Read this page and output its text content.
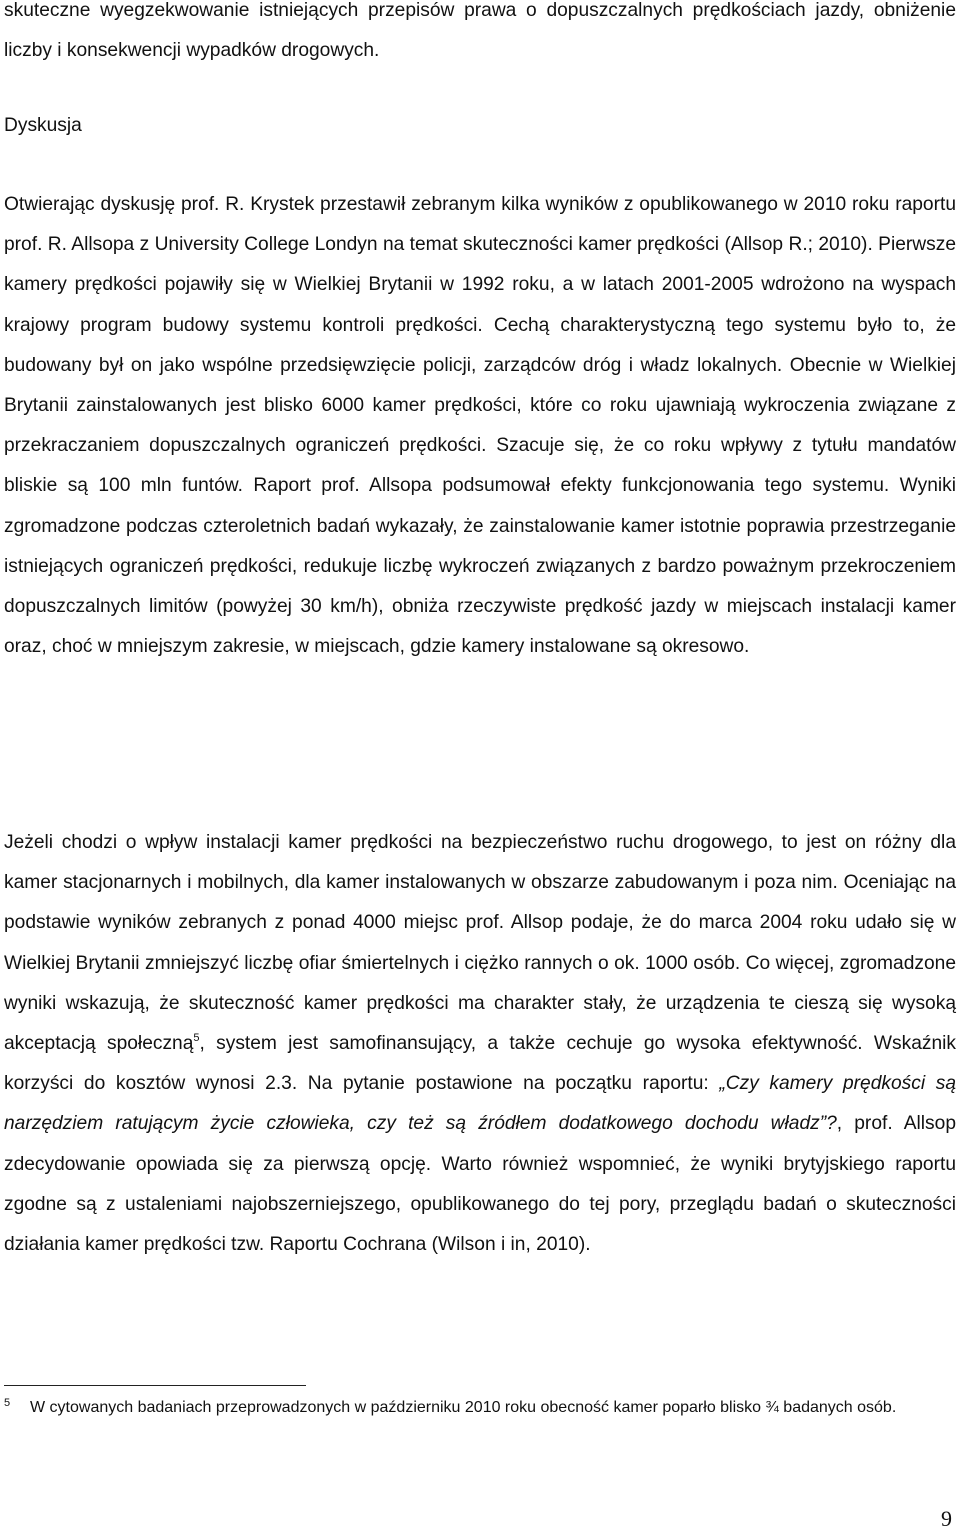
skuteczne wyegzekwowanie istniejących przepisów prawa o dopuszczalnych prędkościach jazdy, obniżenie liczby i konsekwencji wypadków drogowych.

Dyskusja

Otwierając dyskusję prof. R. Krystek przestawił zebranym kilka wyników z opublikowanego w 2010 roku raportu prof. R. Allsopa z University College Londyn na temat skuteczności kamer prędkości (Allsop R.; 2010). Pierwsze kamery prędkości pojawiły się w Wielkiej Brytanii w 1992 roku, a w latach 2001-2005 wdrożono na wyspach krajowy program budowy systemu kontroli prędkości. Cechą charakterystyczną tego systemu było to, że budowany był on jako wspólne przedsięwzięcie policji, zarządców dróg i władz lokalnych. Obecnie w Wielkiej Brytanii zainstalowanych jest blisko 6000 kamer prędkości, które co roku ujawniają wykroczenia związane z przekraczaniem dopuszczalnych ograniczeń prędkości. Szacuje się, że co roku wpływy z tytułu mandatów bliskie są 100 mln funtów. Raport prof. Allsopa podsumował efekty funkcjonowania tego systemu. Wyniki zgromadzone podczas czteroletnich badań wykazały, że zainstalowanie kamer istotnie poprawia przestrzeganie istniejących ograniczeń prędkości, redukuje liczbę wykroczeń związanych z bardzo poważnym przekroczeniem dopuszczalnych limitów (powyżej 30 km/h), obniża rzeczywiste prędkość jazdy w miejscach instalacji kamer oraz, choć w mniejszym zakresie, w miejscach, gdzie kamery instalowane są okresowo.

Jeżeli chodzi o wpływ instalacji kamer prędkości na bezpieczeństwo ruchu drogowego, to jest on różny dla kamer stacjonarnych i mobilnych, dla kamer instalowanych w obszarze zabudowanym i poza nim. Oceniając na podstawie wyników zebranych z ponad 4000 miejsc prof. Allsop podaje, że do marca 2004 roku udało się w Wielkiej Brytanii zmniejszyć liczbę ofiar śmiertelnych i ciężko rannych o ok. 1000 osób. Co więcej, zgromadzone wyniki wskazują, że skuteczność kamer prędkości ma charakter stały, że urządzenia te cieszą się wysoką akceptacją społeczną$^5$, system jest samofinansujący, a także cechuje go wysoka efektywność. Wskaźnik korzyści do kosztów wynosi 2.3. Na pytanie postawione na początku raportu: „Czy kamery prędkości są narzędziem ratującym życie człowieka, czy też są źródłem dodatkowego dochodu władz”?, prof. Allsop zdecydowanie opowiada się za pierwszą opcję. Warto również wspomnieć, że wyniki brytyjskiego raportu zgodne są z ustaleniami najobszerniejszego, opublikowanego do tej pory, przeglądu badań o skuteczności działania kamer prędkości tzw. Raportu Cochrana (Wilson i in, 2010).

5 W cytowanych badaniach przeprowadzonych w październiku 2010 roku obecność kamer poparło blisko ¾ badanych osób.

9
